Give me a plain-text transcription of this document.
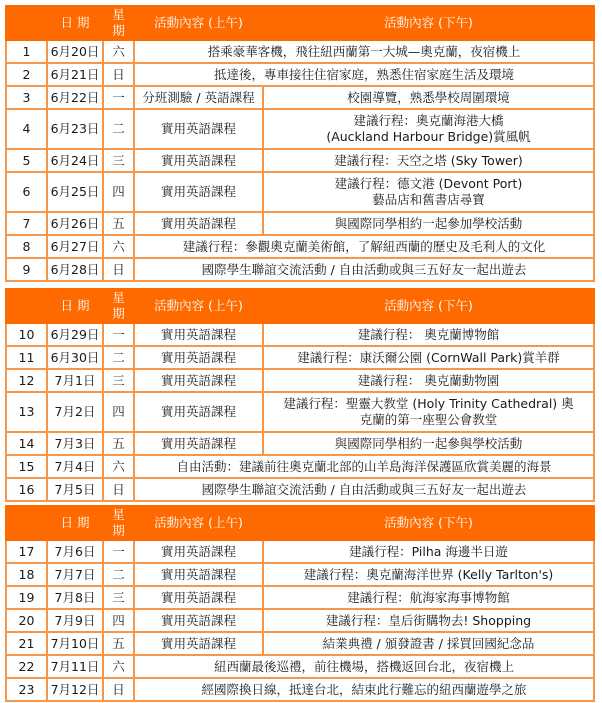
	日 期	星 期	活動內容 (上午)	活動內容 (下午)
1	6月20日	六	搭乘豪華客機，飛往紐西蘭第一大城—奧克蘭，夜宿機上	
2	6月21日	日	抵達後，專車接往住宿家庭，熟悉住宿家庭生活及環境	
3	6月22日	一	分班測驗 / 英語課程	校園導覽，熟悉學校周圍環境
4	6月23日	二	實用英語課程	建議行程：奧克蘭海港大橋
(Auckland Harbour Bridge)賞風帆

5	6月24日	三	實用英語課程	建議行程：天空之塔 (Sky Tower)
6	6月25日	四	實用英語課程	建議行程：德文港 (Devont Port)
藝品店和舊書店尋寶

7	6月26日	五	實用英語課程	與國際同學相約一起參加學校活動
8	6月27日	六	建議行程：參觀奧克蘭美術館，了解紐西蘭的歷史及毛利人的文化	
9	6月28日	日	國際學生聯誼交流活動 / 自由活動或與三五好友一起出遊去	
	日 期	星 期	活動內容 (上午)	活動內容 (下午)
10	6月29日	一	實用英語課程	建議行程： 奧克蘭博物館
11	6月30日	二	實用英語課程	建議行程：康沃爾公園 (CornWall Park)賞羊群
12	7月1日	三	實用英語課程	建議行程： 奧克蘭動物園
13	7月2日	四	實用英語課程	建議行程：聖靈大教堂 (Holy Trinity Cathedral) 奧
克蘭的第一座聖公會教堂

14	7月3日	五	實用英語課程	與國際同學相約一起參與學校活動
15	7月4日	六	自由活動：建議前往奧克蘭北部的山羊島海洋保護區欣賞美麗的海景	
16	7月5日	日	國際學生聯誼交流活動 / 自由活動或與三五好友一起出遊去	
	日 期	星 期	活動內容 (上午)	活動內容 (下午)
17	7月6日	一	實用英語課程	建議行程：Pilha 海邊半日遊
18	7月7日	二	實用英語課程	建議行程：奧克蘭海洋世界 (Kelly Tarlton's)
19	7月8日	三	實用英語課程	建議行程：航海家海事博物館
20	7月9日	四	實用英語課程	建議行程：皇后街購物去! Shopping
21	7月10日	五	實用英語課程	結業典禮 / 頒發證書 / 採買回國紀念品
22	7月11日	六	紐西蘭最後巡禮，前往機場，搭機返回台北，夜宿機上	
23	7月12日	日	經國際換日線，抵達台北，結束此行難忘的紐西蘭遊學之旅	
